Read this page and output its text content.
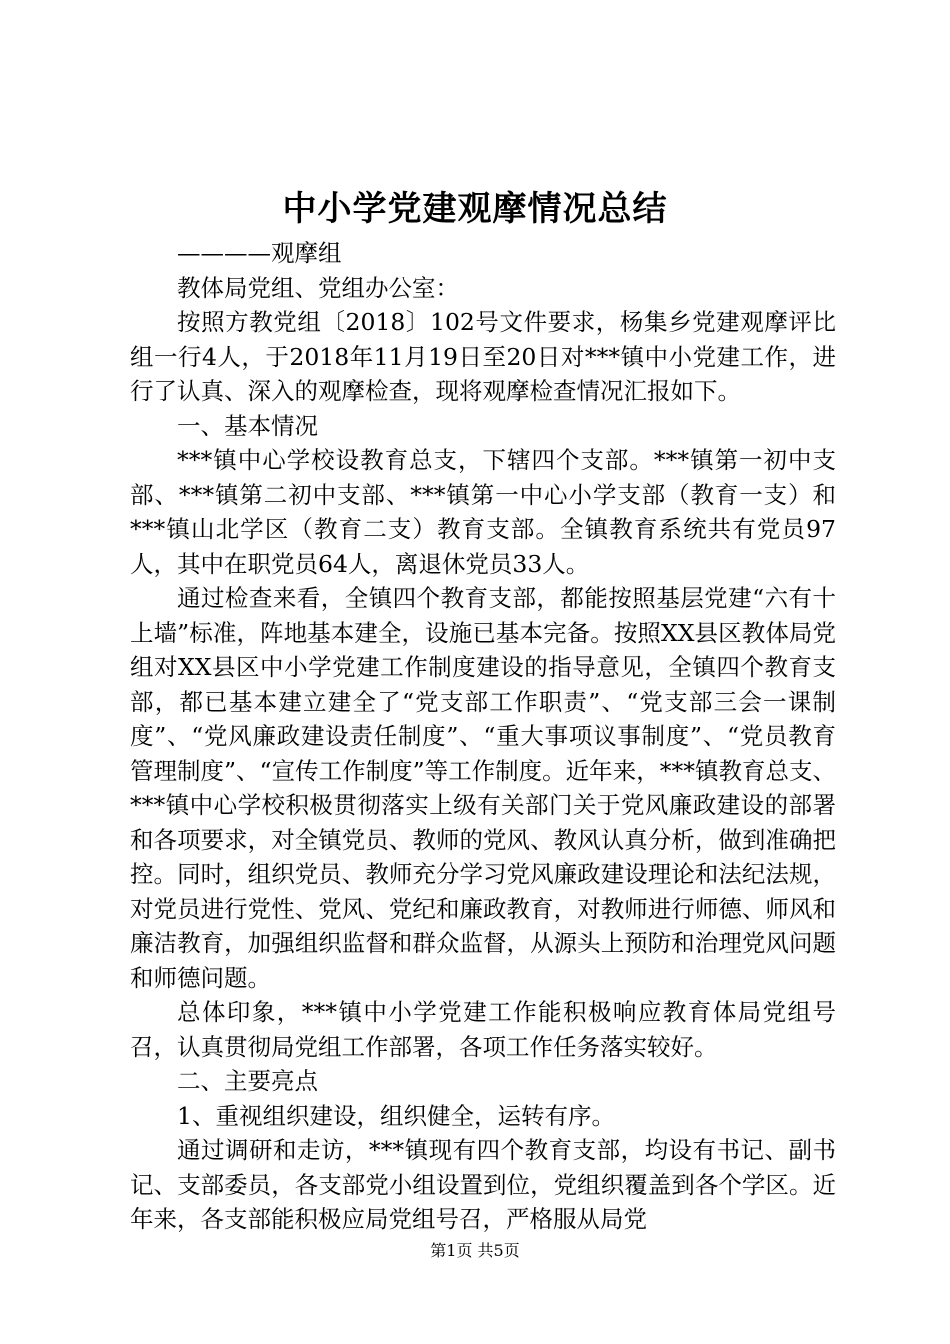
中小学党建观摩情况总结

————观摩组

教体局党组、党组办公室：

按照方教党组〔2018〕102号文件要求，杨集乡党建观摩评比组一行4人，于2018年11月19日至20日对***镇中小党建工作，进行了认真、深入的观摩检查，现将观摩检查情况汇报如下。

一、基本情况

***镇中心学校设教育总支，下辖四个支部。***镇第一初中支部、***镇第二初中支部、***镇第一中心小学支部（教育一支）和***镇山北学区（教育二支）教育支部。全镇教育系统共有党员97人，其中在职党员64人，离退休党员33人。

通过检查来看，全镇四个教育支部，都能按照基层党建“六有十上墙”标准，阵地基本建全，设施已基本完备。按照XX县区教体局党组对XX县区中小学党建工作制度建设的指导意见，全镇四个教育支部，都已基本建立建全了“党支部工作职责”、“党支部三会一课制度”、“党风廉政建设责任制度”、“重大事项议事制度”、“党员教育管理制度”、“宣传工作制度”等工作制度。近年来，***镇教育总支、***镇中心学校积极贯彻落实上级有关部门关于党风廉政建设的部署和各项要求，对全镇党员、教师的党风、教风认真分析，做到准确把控。同时，组织党员、教师充分学习党风廉政建设理论和法纪法规，对党员进行党性、党风、党纪和廉政教育，对教师进行师德、师风和廉洁教育，加强组织监督和群众监督，从源头上预防和治理党风问题和师德问题。

总体印象，***镇中小学党建工作能积极响应教育体局党组号召，认真贯彻局党组工作部署，各项工作任务落实较好。

二、主要亮点

1、重视组织建设，组织健全，运转有序。

通过调研和走访，***镇现有四个教育支部，均设有书记、副书记、支部委员，各支部党小组设置到位，党组织覆盖到各个学区。近年来，各支部能积极应局党组号召，严格服从局党

第1页 共5页
